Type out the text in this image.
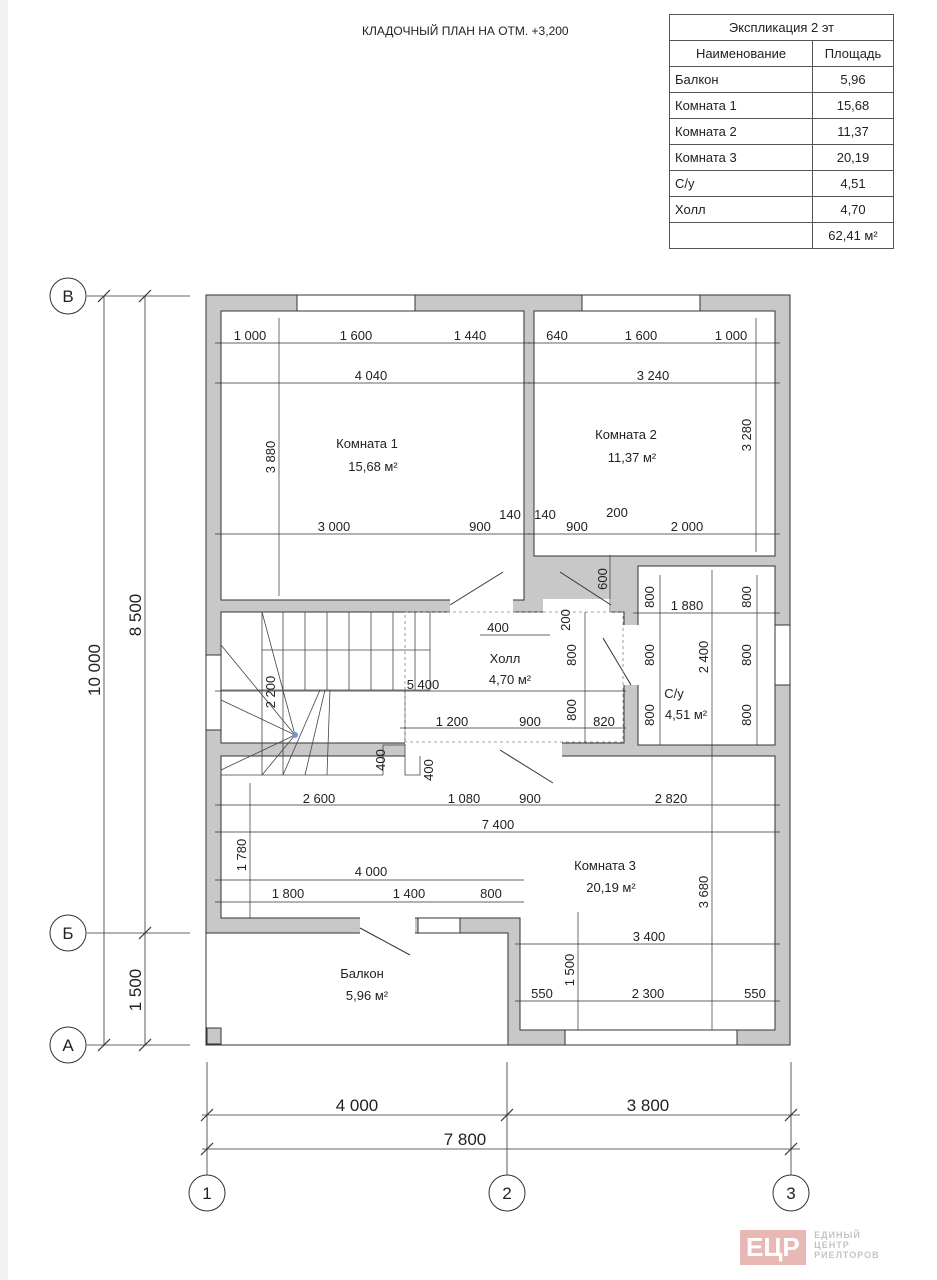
КЛАДОЧНЫЙ ПЛАН НА ОТМ. +3,200	Экспликация 2 эт	
Наименование	Площадь
Балкон	5,96
Комната 1	15,68
Комната 2	11,37
Комната 3	20,19
С/у	4,51
Холл	4,70
	62,41 м²
В
Б
А
1	2	3
4 000	3 800
7 800
10 000
8 500
1 500
1 000	1 600	1 440
4 040
3 880
3 000	900
140
640	1 600	1 000
3 240
3 280
140
900
200
2 000
600
800	800
1 880
800	2 400 800
800	800
400	200
800
5 400
800
1 200	900	820
2 200
400	400
2 600	1 080	900	2 820
7 400
1 780
4 000
1 800	1 400	800	3 680
3 400
1 500
550	2 300	550
Комната 1
15,68 м²
Комната 2
11,37 м²
Холл
4,70 м²
С/у
4,51 м²
Комната 3
20,19 м²
Балкон
5,96 м²
ЕЦР ЕДИНЫЙ
ЦЕНТР
РИЕЛТОРОВ
